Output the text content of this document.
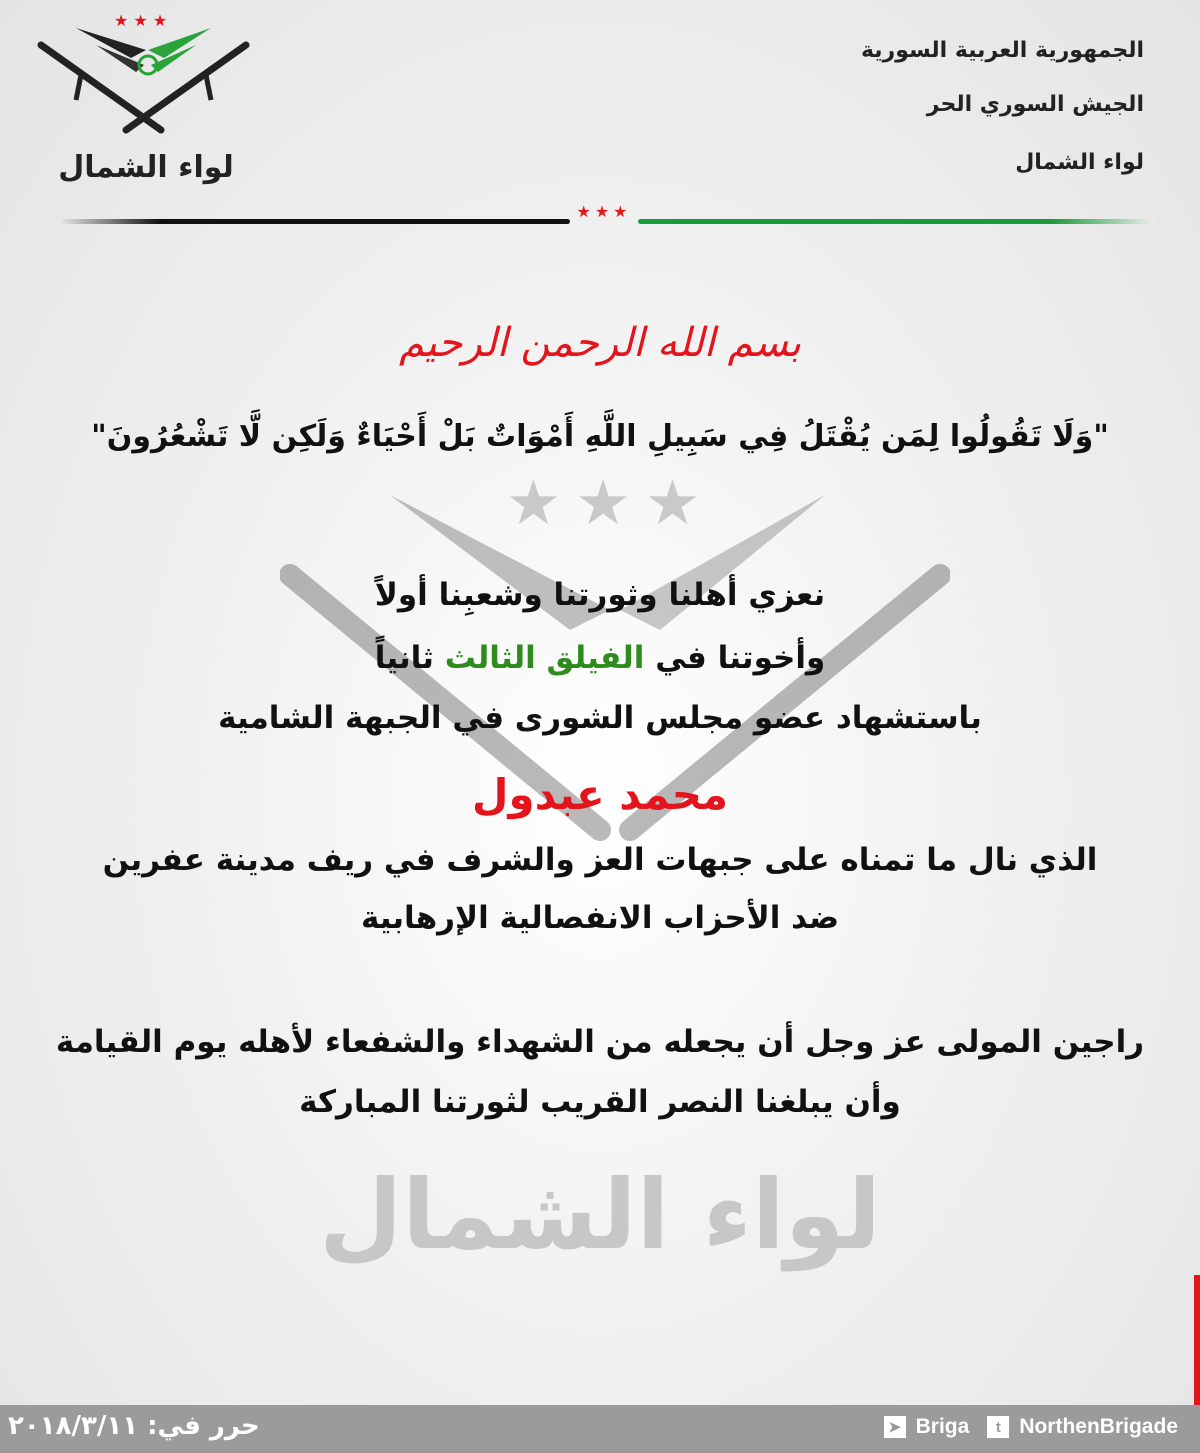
★ ★ ★
لواء الشمال
الجمهورية العربية السورية
الجيش السوري الحر
لواء الشمال
★★★
★★★
لواء الشمال
بسم الله الرحمن الرحيم
"وَلَا تَقُولُوا لِمَن يُقْتَلُ فِي سَبِيلِ اللَّهِ أَمْوَاتٌ بَلْ أَحْيَاءٌ وَلَكِن لَّا تَشْعُرُونَ"
نعزي أهلنا وثورتنا وشعبِنا أولاً
وأخوتنا في الفيلق الثالث ثانياً
باستشهاد عضو مجلس الشورى في الجبهة الشامية
محمد عبدول
الذي نال ما تمناه على جبهات العز والشرف في ريف مدينة عفرين
ضد الأحزاب الانفصالية الإرهابية
راجين المولى عز وجل أن يجعله من الشهداء والشفعاء لأهله يوم القيامة
وأن يبلغنا النصر القريب لثورتنا المباركة
حرر في: ٢٠١٨/٣/١١	➤ Briga	t NorthenBrigade
